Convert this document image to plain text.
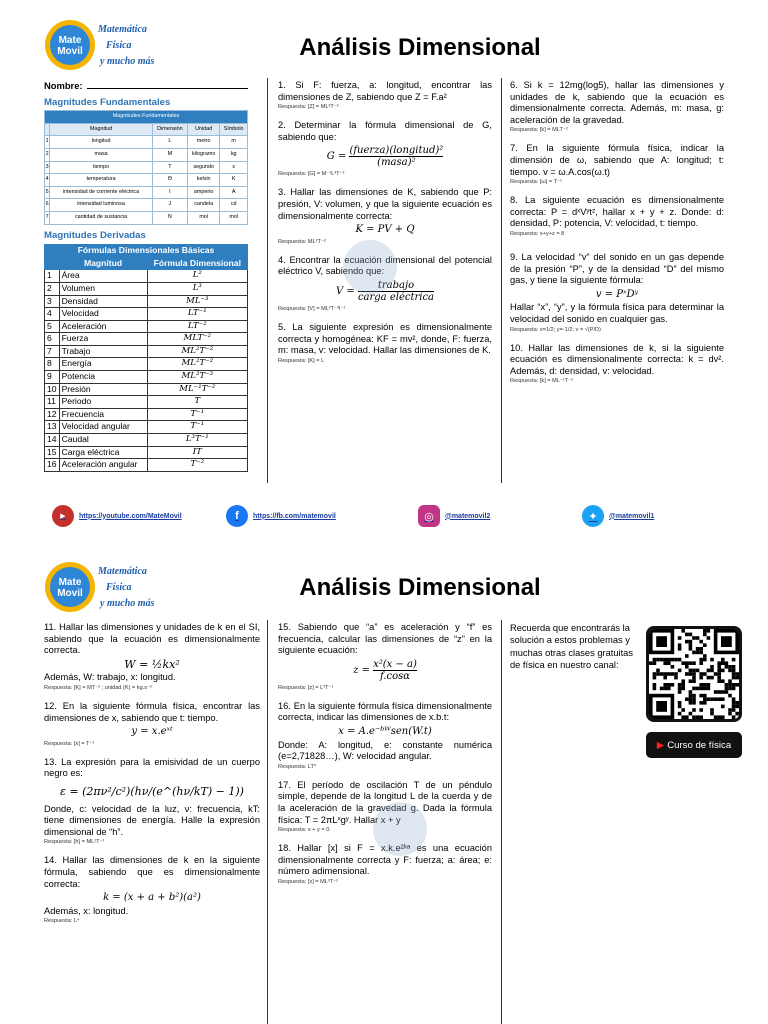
Mate
Movil
Matemática
Física
y mucho más
Análisis Dimensional
Nombre:
Magnitudes Fundamentales
Magnitudes Fundamentales				
	Magnitud	Dimensión	Unidad	Símbolo
1	longitud	L	metro	m
2	masa	M	kilogramo	kg
3	tiempo	T	segundo	s
4	temperatura	Θ	kelvin	K
5	intensidad de corriente eléctrica	I	amperio	A
6	intensidad luminosa	J	candela	cd
7	cantidad de sustancia	N	mol	mol
Magnitudes Derivadas
Fórmulas Dimensionales Básicas		
	Magnitud	Fórmula Dimensional
1	Área	L²
2	Volumen	L³
3	Densidad	ML⁻³
4	Velocidad	LT⁻¹
5	Aceleración	LT⁻²
6	Fuerza	MLT⁻²
7	Trabajo	ML²T⁻²
8	Energía	ML²T⁻²
9	Potencia	ML²T⁻³
10	Presión	ML⁻¹T⁻²
11	Periodo	T
12	Frecuencia	T⁻¹
13	Velocidad angular	T⁻¹
14	Caudal	L³T⁻¹
15	Carga eléctrica	IT
16	Aceleración angular	T⁻²
1. Si F: fuerza, a: longitud, encontrar las dimensiones de Z, sabiendo que Z = F.a²
Respuesta: [Z] = ML³T⁻²
2. Determinar la fórmula dimensional de G, sabiendo que:
G =
(fuerza)(longitud)²
(masa)²
Respuesta: [G] = M⁻¹L³T⁻²
3. Hallar las dimensiones de K, sabiendo que P: presión, V: volumen, y que la siguiente ecuación es dimensionalmente correcta:
K = PV + Q
Respuesta: ML²T⁻²
4. Encontrar la ecuación dimensional del potencial eléctrico V, sabiendo que:
V =
trabajo
carga eléctrica
Respuesta: [V] = ML²T⁻³I⁻¹
5. La siguiente expresión es dimensionalmente correcta y homogénea: KF = mv², donde, F: fuerza, m: masa, v: velocidad. Hallar las dimensiones de K.
Respuesta: [K] = L
6. Si k = 12mg(log5), hallar las dimensiones y unidades de k, sabiendo que la ecuación es dimensionalmente correcta. Además, m: masa, g: aceleración de la gravedad.
Respuesta: [k] = MLT⁻²
7. En la siguiente fórmula física, indicar la dimensión de ω, sabiendo que A: longitud; t: tiempo. v = ω.A.cos(ω.t)
Respuesta: [ω] = T⁻¹
8. La siguiente ecuación es dimensionalmente correcta: P = dˣVʸtᶻ, hallar x + y + z. Donde: d: densidad, P: potencia, V: velocidad, t: tiempo.
Respuesta: x+y+z = 8
9. La velocidad “v” del sonido en un gas depende de la presión “P”, y de la densidad “D” del mismo gas, y tiene la siguiente fórmula:
v = PˣDʸ
Hallar “x”, “y”, y la fórmula física para determinar la velocidad del sonido en cualquier gas.
Respuesta: x=1/2; y=-1/2; v = √(P/D)
10. Hallar las dimensiones de k, si la siguiente ecuación es dimensionalmente correcta: k = dv². Además, d: densidad, v: velocidad.
Respuesta: [k] = ML⁻¹T⁻²
▶	https://youtube.com/MateMovil	f	https://fb.com/matemovil	◎	@matemovil2	✦	@matemovil1
Mate
Movil
Matemática
Física
y mucho más
Análisis Dimensional
11. Hallar las dimensiones y unidades de k en el SI, sabiendo que la ecuación es dimensionalmente correcta.
W = ½kx²
Además, W: trabajo, x: longitud.
Respuesta: [K] = MT⁻² ; unidad (K) = kg.s⁻²
12. En la siguiente fórmula física, encontrar las dimensiones de x, sabiendo que t: tiempo.
y = x.eˣᵗ
Respuesta: [x] = T⁻¹
13. La expresión para la emisividad de un cuerpo negro es:
ε = (2πν²/c²)(hν/(e^(hν/kT) − 1))
Donde, c: velocidad de la luz, ν: frecuencia, kT: tiene dimensiones de energía. Halle la expresión dimensional de “h”.
Respuesta: [h] = ML²T⁻¹
14. Hallar las dimensiones de k en la siguiente fórmula, sabiendo que es dimensionalmente correcta:
k = (x + a + b²)(a²)
Además, x: longitud.
Respuesta: L⁴
15. Sabiendo que “a” es aceleración y “f” es frecuencia, calcular las dimensiones de “z” en la siguiente ecuación:
$z = \frac{\text{x²(x − a)}}{f.\cos\alpha}$
Respuesta: [z] = L³T⁻¹
16. En la siguiente fórmula física dimensionalmente correcta, indicar las dimensiones de x.b.t:
x = A.e⁻ᵇᵂsen(W.t)
Donde: A: longitud, e: constante numérica (e=2,71828…), W: velocidad angular.
Respuesta: LT⁰
17. El período de oscilación T de un péndulo simple, depende de la longitud L de la cuerda y de la aceleración de la gravedad g. Dada la fórmula física: T = 2πLˣgʸ. Hallar x + y
Respuesta: x + y = 0.
18. Hallar [x] si F = x.k.e²ᵏᵃ es una ecuación dimensionalmente correcta y F: fuerza; a: área; e: número adimensional.
Respuesta: [x] = ML³T⁻²
Recuerda que encontrarás la solución a estos problemas y muchas otras clases gratuitas de física en nuestro canal:
▶ Curso de física
